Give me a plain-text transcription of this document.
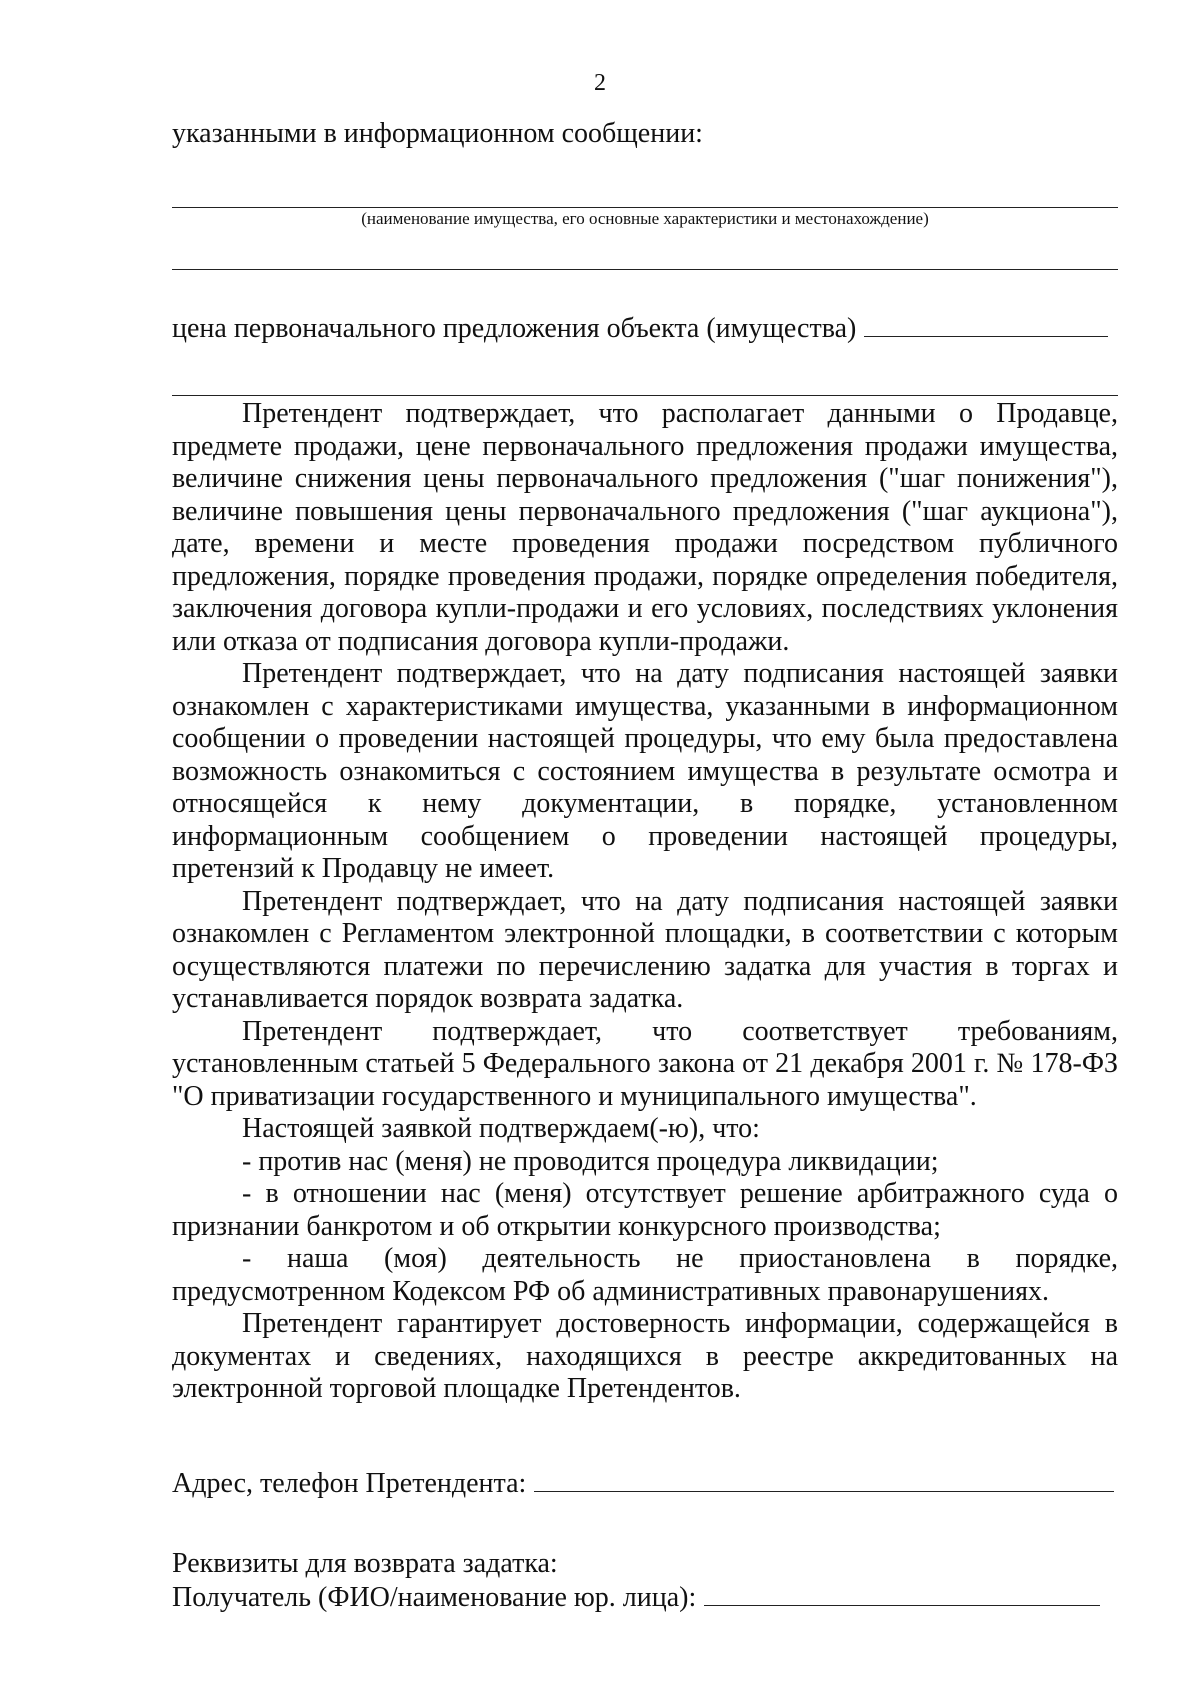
2
указанными в информационном сообщении:
(наименование имущества, его основные характеристики и местонахождение)
цена первоначального предложения объекта (имущества)

Претендент подтверждает, что располагает данными о Продавце, предмете продажи, цене первоначального предложения продажи имущества, величине снижения цены первоначального предложения ("шаг понижения"), величине повышения цены первоначального предложения ("шаг аукциона"), дате, времени и месте проведения продажи посредством публичного предложения, порядке проведения продажи, порядке определения победителя, заключения договора купли-продажи и его условиях, последствиях уклонения или отказа от подписания договора купли-продажи.

Претендент подтверждает, что на дату подписания настоящей заявки ознакомлен с характеристиками имущества, указанными в информационном сообщении о проведении настоящей процедуры, что ему была предоставлена возможность ознакомиться с состоянием имущества в результате осмотра и относящейся к нему документации, в порядке, установленном информационным сообщением о проведении настоящей процедуры, претензий к Продавцу не имеет.

Претендент подтверждает, что на дату подписания настоящей заявки ознакомлен с Регламентом электронной площадки, в соответствии с которым осуществляются платежи по перечислению задатка для участия в торгах и устанавливается порядок возврата задатка.

Претендент подтверждает, что соответствует требованиям, установленным статьей 5 Федерального закона от 21 декабря 2001 г. № 178-ФЗ "О приватизации государственного и муниципального имущества".

Настоящей заявкой подтверждаем(-ю), что:

- против нас (меня) не проводится процедура ликвидации;

- в отношении нас (меня) отсутствует решение арбитражного суда о признании банкротом и об открытии конкурсного производства;

- наша (моя) деятельность не приостановлена в порядке, предусмотренном Кодексом РФ об административных правонарушениях.

Претендент гарантирует достоверность информации, содержащейся в документах и сведениях, находящихся в реестре аккредитованных на электронной торговой площадке Претендентов.

Адрес, телефон Претендента:
Реквизиты для возврата задатка:
Получатель (ФИО/наименование юр. лица):
